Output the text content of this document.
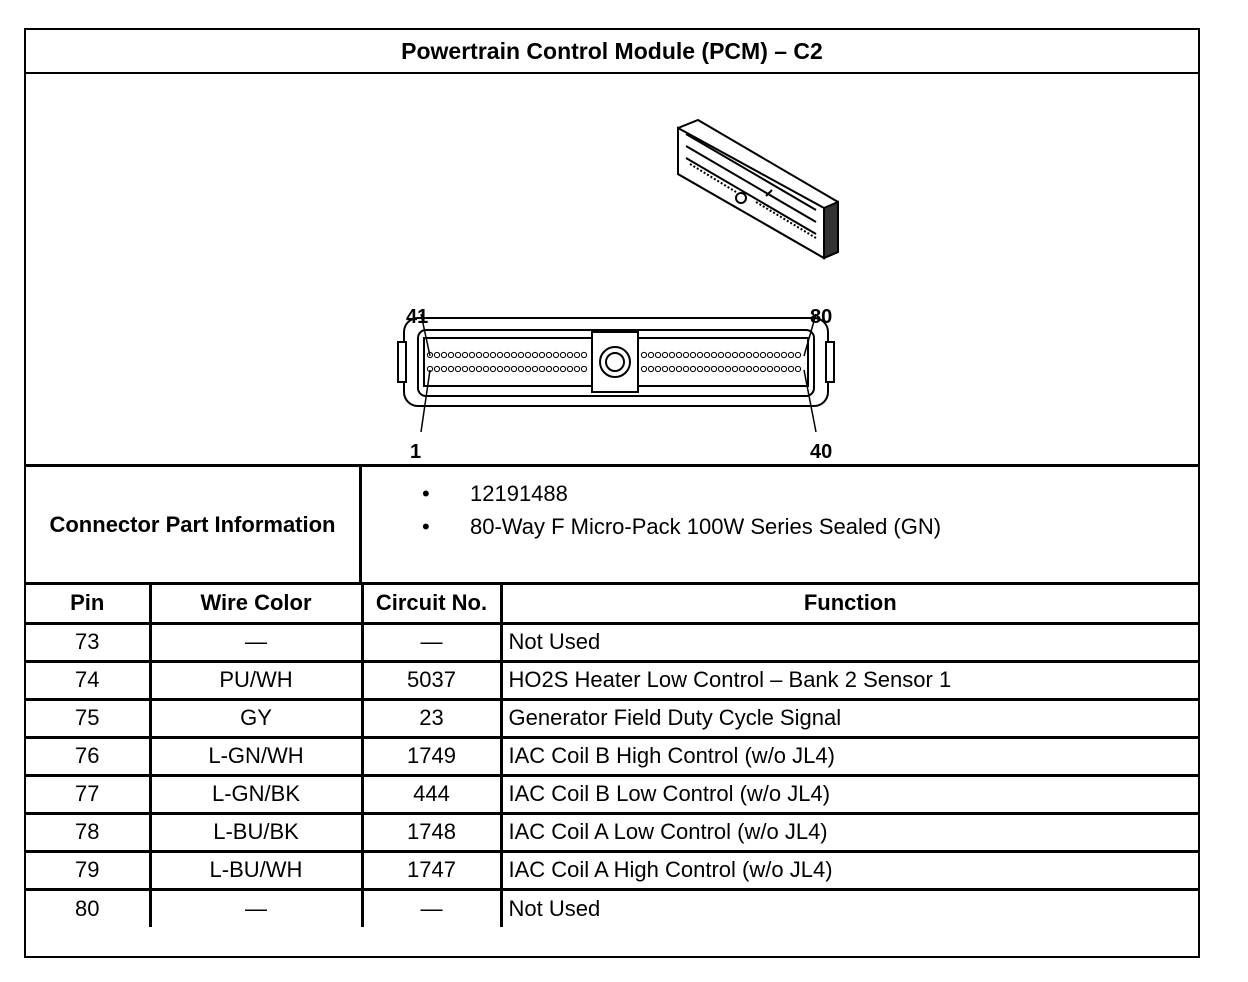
Powertrain Control Module (PCM) – C2
41	80
1	40
Connector Part Information
• 12191488
• 80-Way F Micro-Pack 100W Series Sealed (GN)
Pin	Wire Color	Circuit No.	Function
73	—	—	Not Used
74	PU/WH	5037	HO2S Heater Low Control – Bank 2 Sensor 1
75	GY	23	Generator Field Duty Cycle Signal
76	L-GN/WH	1749	IAC Coil B High Control (w/o JL4)
77	L-GN/BK	444	IAC Coil B Low Control (w/o JL4)
78	L-BU/BK	1748	IAC Coil A Low Control (w/o JL4)
79	L-BU/WH	1747	IAC Coil A High Control (w/o JL4)
80	—	—	Not Used
